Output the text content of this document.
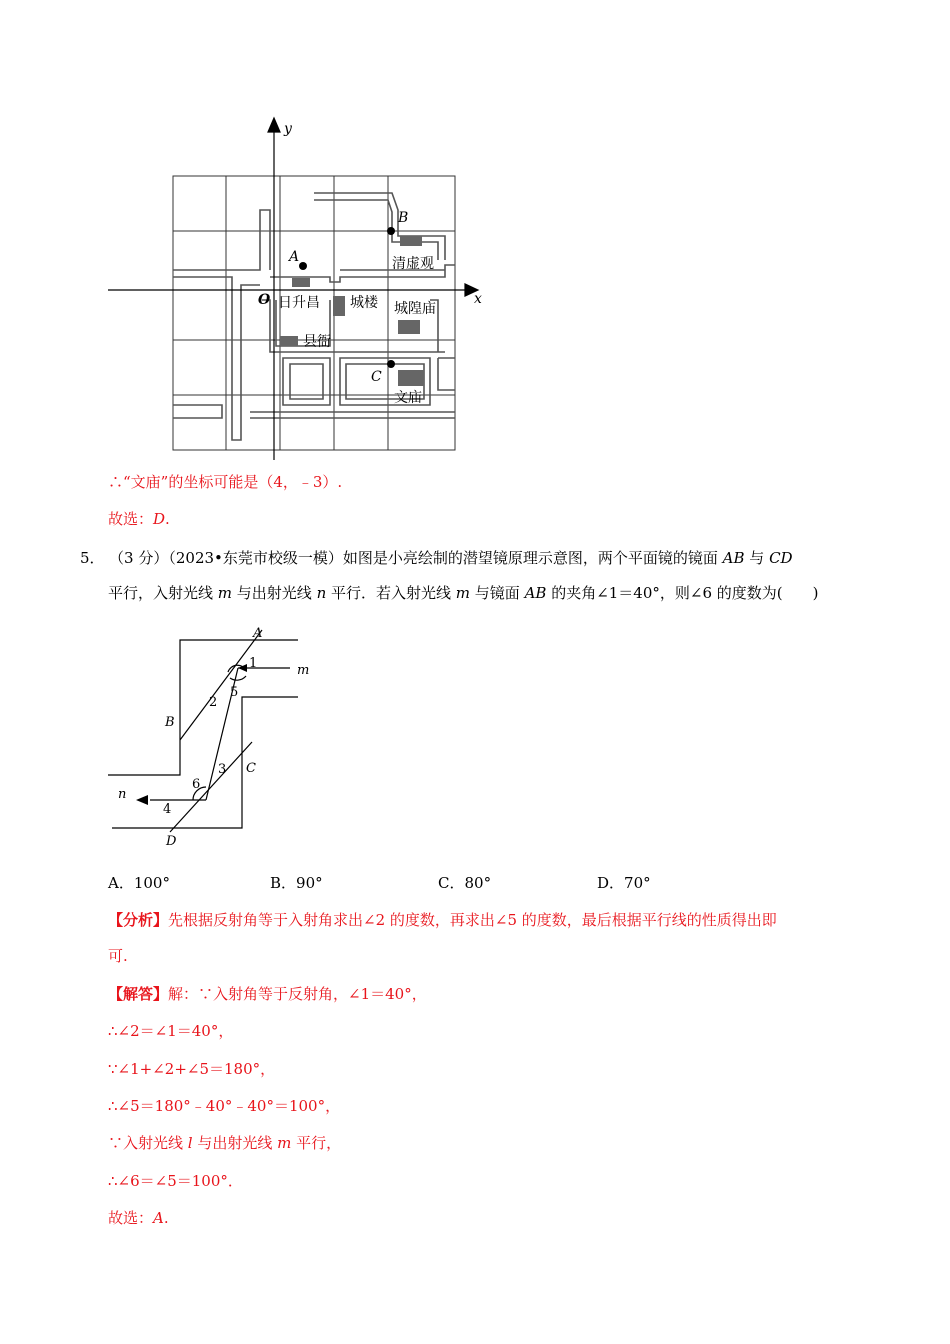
x
y
O
A
B
C
清虚观
日升昌 城楼 城隍庙
县衙
文庙
∴“文庙”的坐标可能是（4，﹣3）.
故选：D.
5． （3 分）（2023•东莞市校级一模）如图是小亮绘制的潜望镜原理示意图，两个平面镜的镜面 AB 与 CD
平行，入射光线 m 与出射光线 n 平行．若入射光线 m 与镜面 AB 的夹角∠1＝40°，则∠6 的度数为(　　)
A
B
C
D
m
n
1
2
3
4
5
6
A．100°	B．90°	C．80°	D．70°
【分析】先根据反射角等于入射角求出∠2 的度数，再求出∠5 的度数，最后根据平行线的性质得出即
可.
【解答】解：∵入射角等于反射角，∠1＝40°，
∴∠2＝∠1＝40°，
∵∠1+∠2+∠5＝180°，
∴∠5＝180°﹣40°﹣40°＝100°，
∵入射光线 l 与出射光线 m 平行，
∴∠6＝∠5＝100°．
故选：A.
